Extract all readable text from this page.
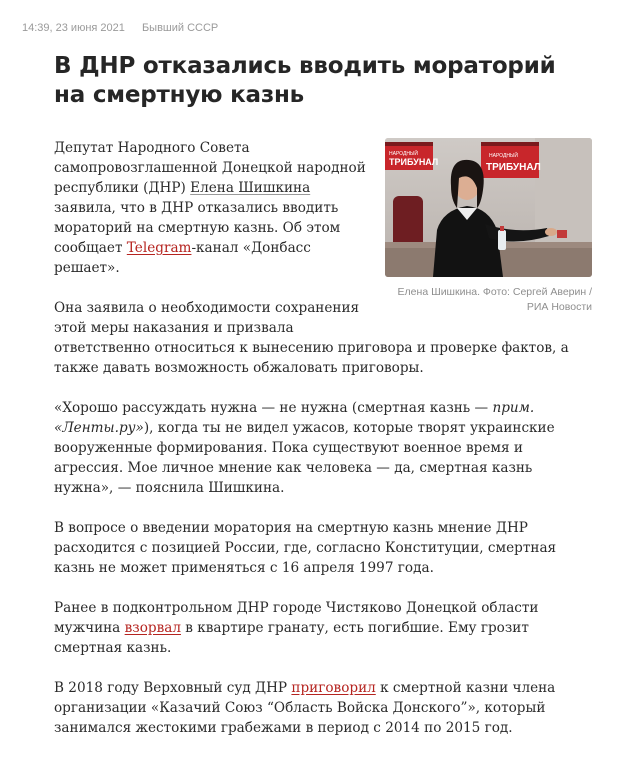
14:39, 23 июня 2021 Бывший СССР
В ДНР отказались вводить мораторий на смертную казнь
НАРОДНЫЙ
ТРИБУНАЛ
НАРОДНЫЙ
ТРИБУНАЛ
Елена Шишкина. Фото: Сергей Аверин / РИА Новости

Депутат Народного Совета самопровозглашенной Донецкой народной республики (ДНР) Елена Шишкина заявила, что в ДНР отказались вводить мораторий на смертную казнь. Об этом сообщает Telegram-канал «Донбасс решает».

Она заявила о необходимости сохранения этой меры наказания и призвала ответственно относиться к вынесению приговора и проверке фактов, а также давать возможность обжаловать приговоры.

«Хорошо рассуждать нужна — не нужна (смертная казнь — прим. «Ленты.ру»), когда ты не видел ужасов, которые творят украинские вооруженные формирования. Пока существуют военное время и агрессия. Мое личное мнение как человека — да, смертная казнь нужна», — пояснила Шишкина.

В вопросе о введении моратория на смертную казнь мнение ДНР расходится с позицией России, где, согласно Конституции, смертная казнь не может применяться с 16 апреля 1997 года.

Ранее в подконтрольном ДНР городе Чистяково Донецкой области мужчина взорвал в квартире гранату, есть погибшие. Ему грозит смертная казнь.

В 2018 году Верховный суд ДНР приговорил к смертной казни члена организации «Казачий Союз “Область Войска Донского”», который занимался жестокими грабежами в период с 2014 по 2015 год.
